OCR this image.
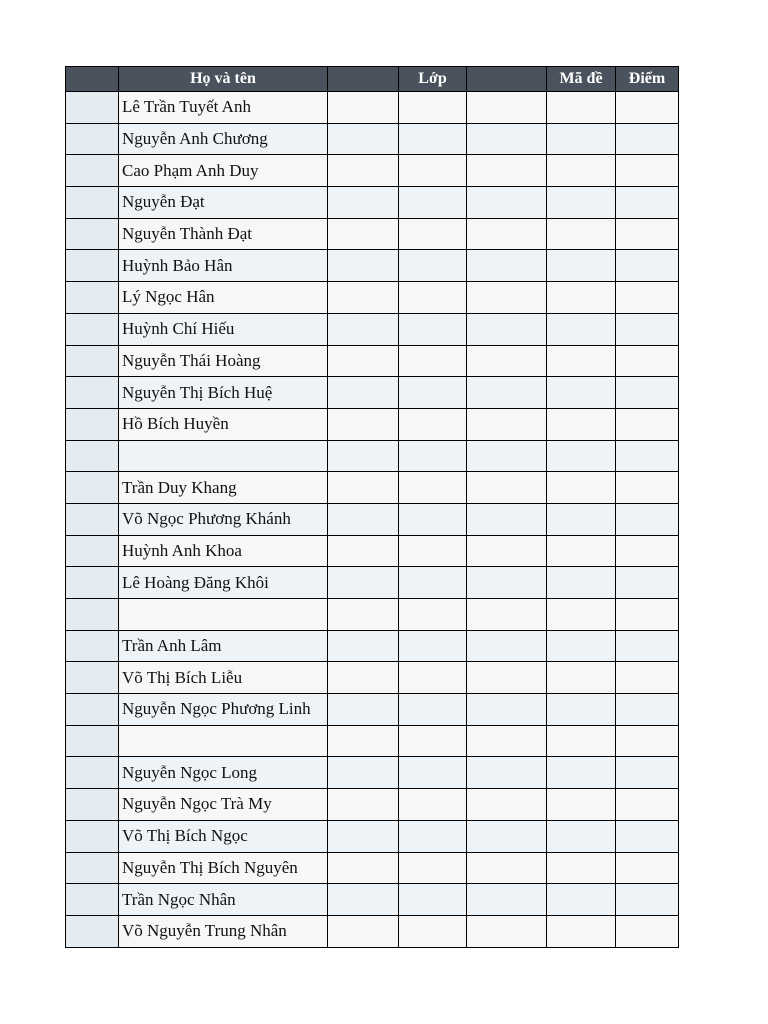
	Họ và tên		Lớp		Mã đề	Điểm
	Lê Trần Tuyết Anh					
	Nguyễn Anh Chương					
	Cao Phạm Anh Duy					
	Nguyễn Đạt					
	Nguyễn Thành Đạt					
	Huỳnh Bảo Hân					
	Lý Ngọc Hân					
	Huỳnh Chí Hiếu					
	Nguyễn Thái Hoàng					
	Nguyễn Thị Bích Huệ					
	Hồ Bích Huyền					

	Trần Duy Khang					
	Võ Ngọc Phương Khánh					
	Huỳnh Anh Khoa					
	Lê Hoàng Đăng Khôi					

	Trần Anh Lâm					
	Võ Thị Bích Liễu					
	Nguyễn Ngọc Phương Linh					

	Nguyễn Ngọc Long					
	Nguyễn Ngọc Trà My					
	Võ Thị Bích Ngọc					
	Nguyễn Thị Bích Nguyên					
	Trần Ngọc Nhân					
	Võ Nguyễn Trung Nhân					
